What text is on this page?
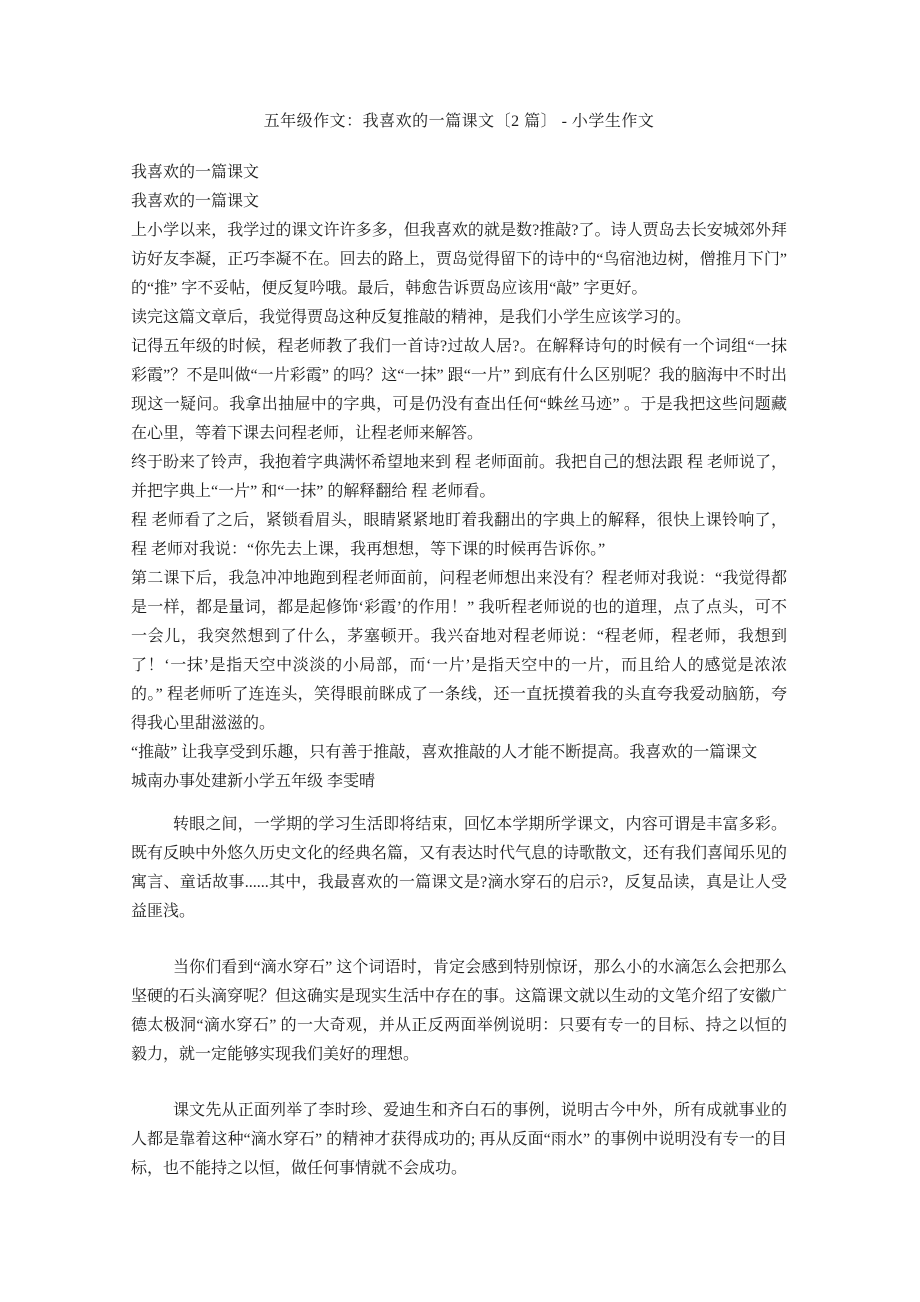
五年级作文：我喜欢的一篇课文〔2 篇〕 - 小学生作文

我喜欢的一篇课文

我喜欢的一篇课文

上小学以来，我学过的课文许许多多，但我喜欢的就是数?推敲?了。诗人贾岛去长安城郊外拜访好友李凝，正巧李凝不在。回去的路上，贾岛觉得留下的诗中的“鸟宿池边树，僧推月下门” 的“推” 字不妥帖，便反复吟哦。最后，韩愈告诉贾岛应该用“敲” 字更好。

读完这篇文章后，我觉得贾岛这种反复推敲的精神，是我们小学生应该学习的。

记得五年级的时候，程老师教了我们一首诗?过故人居?。在解释诗句的时候有一个词组“一抹彩霞”？不是叫做“一片彩霞” 的吗？这“一抹” 跟“一片” 到底有什么区别呢？我的脑海中不时出现这一疑问。我拿出抽屉中的字典，可是仍没有查出任何“蛛丝马迹” 。于是我把这些问题藏在心里，等着下课去问程老师，让程老师来解答。

终于盼来了铃声，我抱着字典满怀希望地来到 程 老师面前。我把自己的想法跟 程 老师说了，并把字典上“一片” 和“一抹” 的解释翻给 程 老师看。

程 老师看了之后，紧锁看眉头，眼睛紧紧地盯着我翻出的字典上的解释，很快上课铃响了，程 老师对我说：“你先去上课，我再想想，等下课的时候再告诉你。”

第二课下后，我急冲冲地跑到程老师面前，问程老师想出来没有？程老师对我说：“我觉得都是一样，都是量词，都是起修饰‘彩霞’的作用！” 我听程老师说的也的道理，点了点头，可不一会儿，我突然想到了什么，茅塞顿开。我兴奋地对程老师说：“程老师，程老师，我想到了！‘一抹’是指天空中淡淡的小局部，而‘一片’是指天空中的一片，而且给人的感觉是浓浓的。” 程老师听了连连头，笑得眼前眯成了一条线，还一直抚摸着我的头直夸我爱动脑筋，夸得我心里甜滋滋的。

“推敲” 让我享受到乐趣，只有善于推敲，喜欢推敲的人才能不断提高。我喜欢的一篇课文

城南办事处建新小学五年级 李雯晴

转眼之间，一学期的学习生活即将结束，回忆本学期所学课文，内容可谓是丰富多彩。既有反映中外悠久历史文化的经典名篇，又有表达时代气息的诗歌散文，还有我们喜闻乐见的寓言、童话故事......其中，我最喜欢的一篇课文是?滴水穿石的启示?，反复品读，真是让人受益匪浅。

当你们看到“滴水穿石” 这个词语时，肯定会感到特别惊讶，那么小的水滴怎么会把那么坚硬的石头滴穿呢？但这确实是现实生活中存在的事。这篇课文就以生动的文笔介绍了安徽广德太极洞“滴水穿石” 的一大奇观，并从正反两面举例说明：只要有专一的目标、持之以恒的毅力，就一定能够实现我们美好的理想。

课文先从正面列举了李时珍、爱迪生和齐白石的事例，说明古今中外，所有成就事业的人都是靠着这种“滴水穿石” 的精神才获得成功的; 再从反面“雨水” 的事例中说明没有专一的目标，也不能持之以恒，做任何事情就不会成功。
